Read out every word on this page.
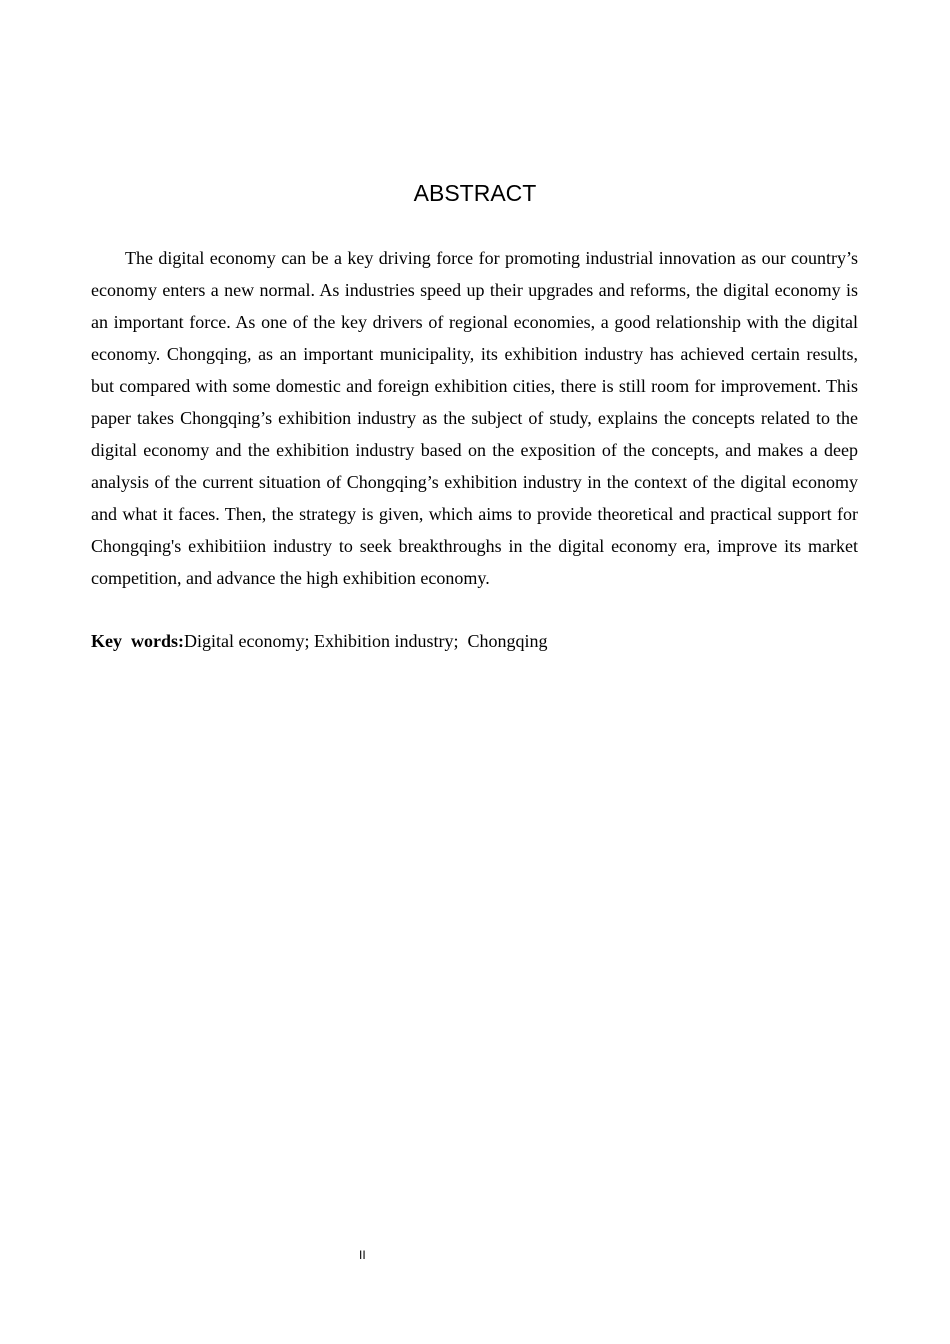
ABSTRACT

The digital economy can be a key driving force for promoting industrial innovation as our country’s economy enters a new normal. As industries speed up their upgrades and reforms, the digital economy is an important force. As one of the key drivers of regional economies, a good relationship with the digital economy. Chongqing, as an important municipality, its exhibition industry has achieved certain results, but compared with some domestic and foreign exhibition cities, there is still room for improvement. This paper takes Chongqing’s exhibition industry as the subject of study, explains the concepts related to the digital economy and the exhibition industry based on the exposition of the concepts, and makes a deep analysis of the current situation of Chongqing’s exhibition industry in the context of the digital economy and what it faces. Then, the strategy is given, which aims to provide theoretical and practical support for Chongqing's exhibitiion industry to seek breakthroughs in the digital economy era, improve its market competition, and advance the high exhibition economy.

Key  words:Digital economy; Exhibition industry;  Chongqing

II
